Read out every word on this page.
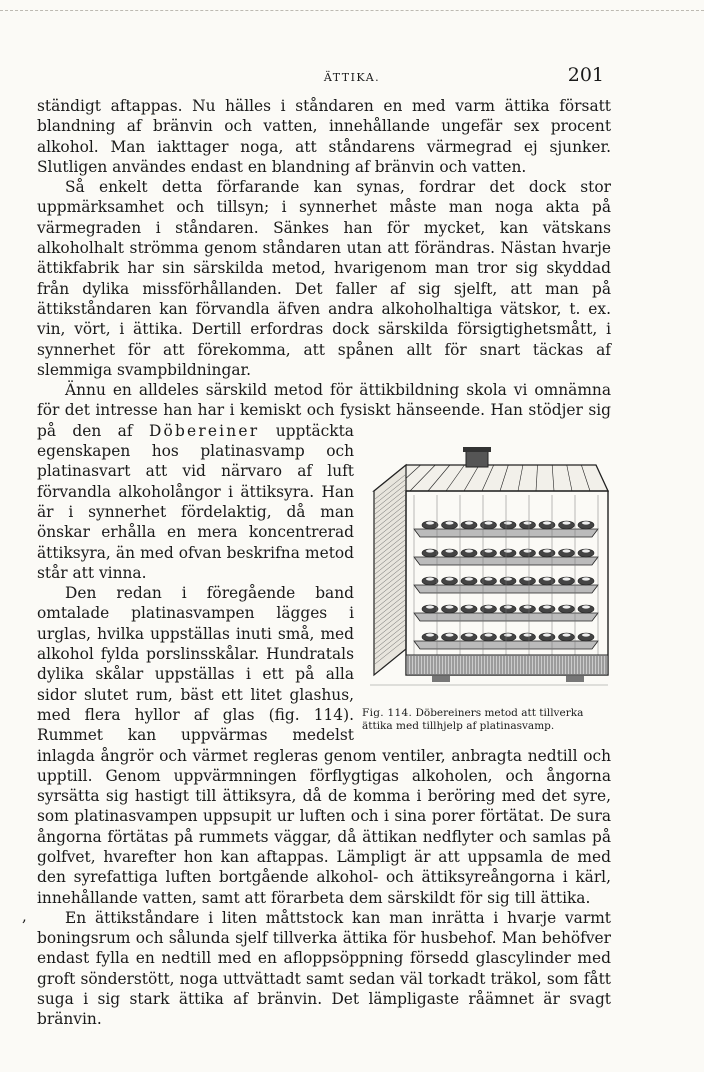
ÄTTIKA.	201
,

ständigt aftappas. Nu hälles i ståndaren en med varm ättika försatt blandning af bränvin och vatten, innehållande ungefär sex procent alkohol. Man iakttager noga, att ståndarens värmegrad ej sjunker. Slutligen användes endast en blandning af bränvin och vatten.

Så enkelt detta förfarande kan synas, fordrar det dock stor uppmärksamhet och tillsyn; i synnerhet måste man noga akta på värmegraden i ståndaren. Sänkes han för mycket, kan vätskans alkoholhalt strömma genom ståndaren utan att förändras. Nästan hvarje ättikfabrik har sin särskilda metod, hvarigenom man tror sig skyddad från dylika missförhållanden. Det faller af sig sjelft, att man på ättikståndaren kan förvandla äfven andra alkoholhaltiga vätskor, t. ex. vin, vört, i ättika. Dertill erfordras dock särskilda försigtighetsmått, i synnerhet för att förekomma, att spånen allt för snart täckas af slemmiga svampbildningar.

Ännu en alldeles särskild metod för ättikbildning skola vi omnämna för det intresse han har i kemiskt och fysiskt hänseende. Han stödjer sig på den af
Fig. 114. Döbereiners metod att tillverka ättika med tillhjelp af platinasvamp.
Döbereiner upptäckta egenskapen hos platinasvamp och platinasvart att vid närvaro af luft förvandla alkoholångor i ättiksyra. Han är i synnerhet fördelaktig, då man önskar erhålla en mera koncentrerad ättiksyra, än med ofvan beskrifna metod står att vinna.

Den redan i föregående band omtalade platinasvampen lägges i urglas, hvilka uppställas inuti små, med alkohol fylda porslinsskålar. Hundratals dylika skålar uppställas i ett på alla sidor slutet rum, bäst ett litet glashus, med flera hyllor af glas (fig. 114). Rummet kan uppvärmas medelst inlagda ångrör och värmet regleras genom ventiler, anbragta nedtill och upptill. Genom uppvärmningen förflygtigas alkoholen, och ångorna syrsätta sig hastigt till ättiksyra, då de komma i beröring med det syre, som platinasvampen uppsupit ur luften och i sina porer förtätat. De sura ångorna förtätas på rummets väggar, då ättikan nedflyter och samlas på golfvet, hvarefter hon kan aftappas. Lämpligt är att uppsamla de med den syrefattiga luften bortgående alkohol- och ättiksyreångorna i kärl, innehållande vatten, samt att förarbeta dem särskildt för sig till ättika.

En ättikståndare i liten måttstock kan man inrätta i hvarje varmt boningsrum och sålunda sjelf tillverka ättika för husbehof. Man behöfver endast fylla en nedtill med en afloppsöppning försedd glascylinder med groft sönderstött, noga uttvättadt samt sedan väl torkadt träkol, som fått suga i sig stark ättika af bränvin. Det lämpligaste råämnet är svagt bränvin.
